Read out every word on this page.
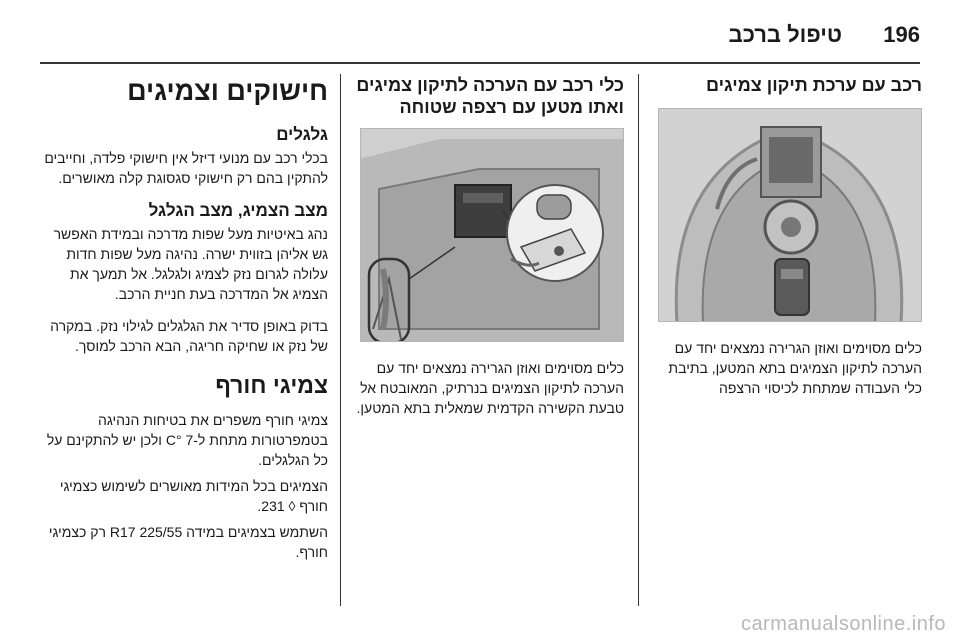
196
טיפול ברכב
רכב עם ערכת תיקון צמיגים

כלים מסוימים ואוזן הגרירה נמצאים יחד עם הערכה לתיקון הצמיגים בתא המטען, בתיבת כלי העבודה שמתחת לכיסוי הרצפה

כלי רכב עם הערכה לתיקון צמיגים ואתו מטען עם רצפה שטוחה

כלים מסוימים ואוזן הגרירה נמצאים יחד עם הערכה לתיקון הצמיגים בנרתיק, המאובטח אל טבעת הקשירה הקדמית שמאלית בתא המטען.

חישוקים וצמיגים
גלגלים

בכלי רכב עם מנועי דיזל אין חישוקי פלדה, וחייבים להתקין בהם רק חישוקי סגסוגת קלה מאושרים.

מצב הצמיג, מצב הגלגל

נהג באיטיות מעל שפות מדרכה ובמידת האפשר גש אליהן בזווית ישרה. נהיגה מעל שפות חדות עלולה לגרום נזק לצמיג ולגלגל. אל תמעך את הצמיג אל המדרכה בעת חניית הרכב.

בדוק באופן סדיר את הגלגלים לגילוי נזק. במקרה של נזק או שחיקה חריגה, הבא הרכב למוסך.

צמיגי חורף

צמיגי חורף משפרים את בטיחות הנהיגה בטמפרטורות מתחת ל-7 °C ולכן יש להתקינם על כל הגלגלים.

הצמיגים בכל המידות מאושרים לשימוש כצמיגי חורף ◊ 231.

השתמש בצמיגים במידה 225/55 R17 רק כצמיגי חורף.

carmanualsonline.info
